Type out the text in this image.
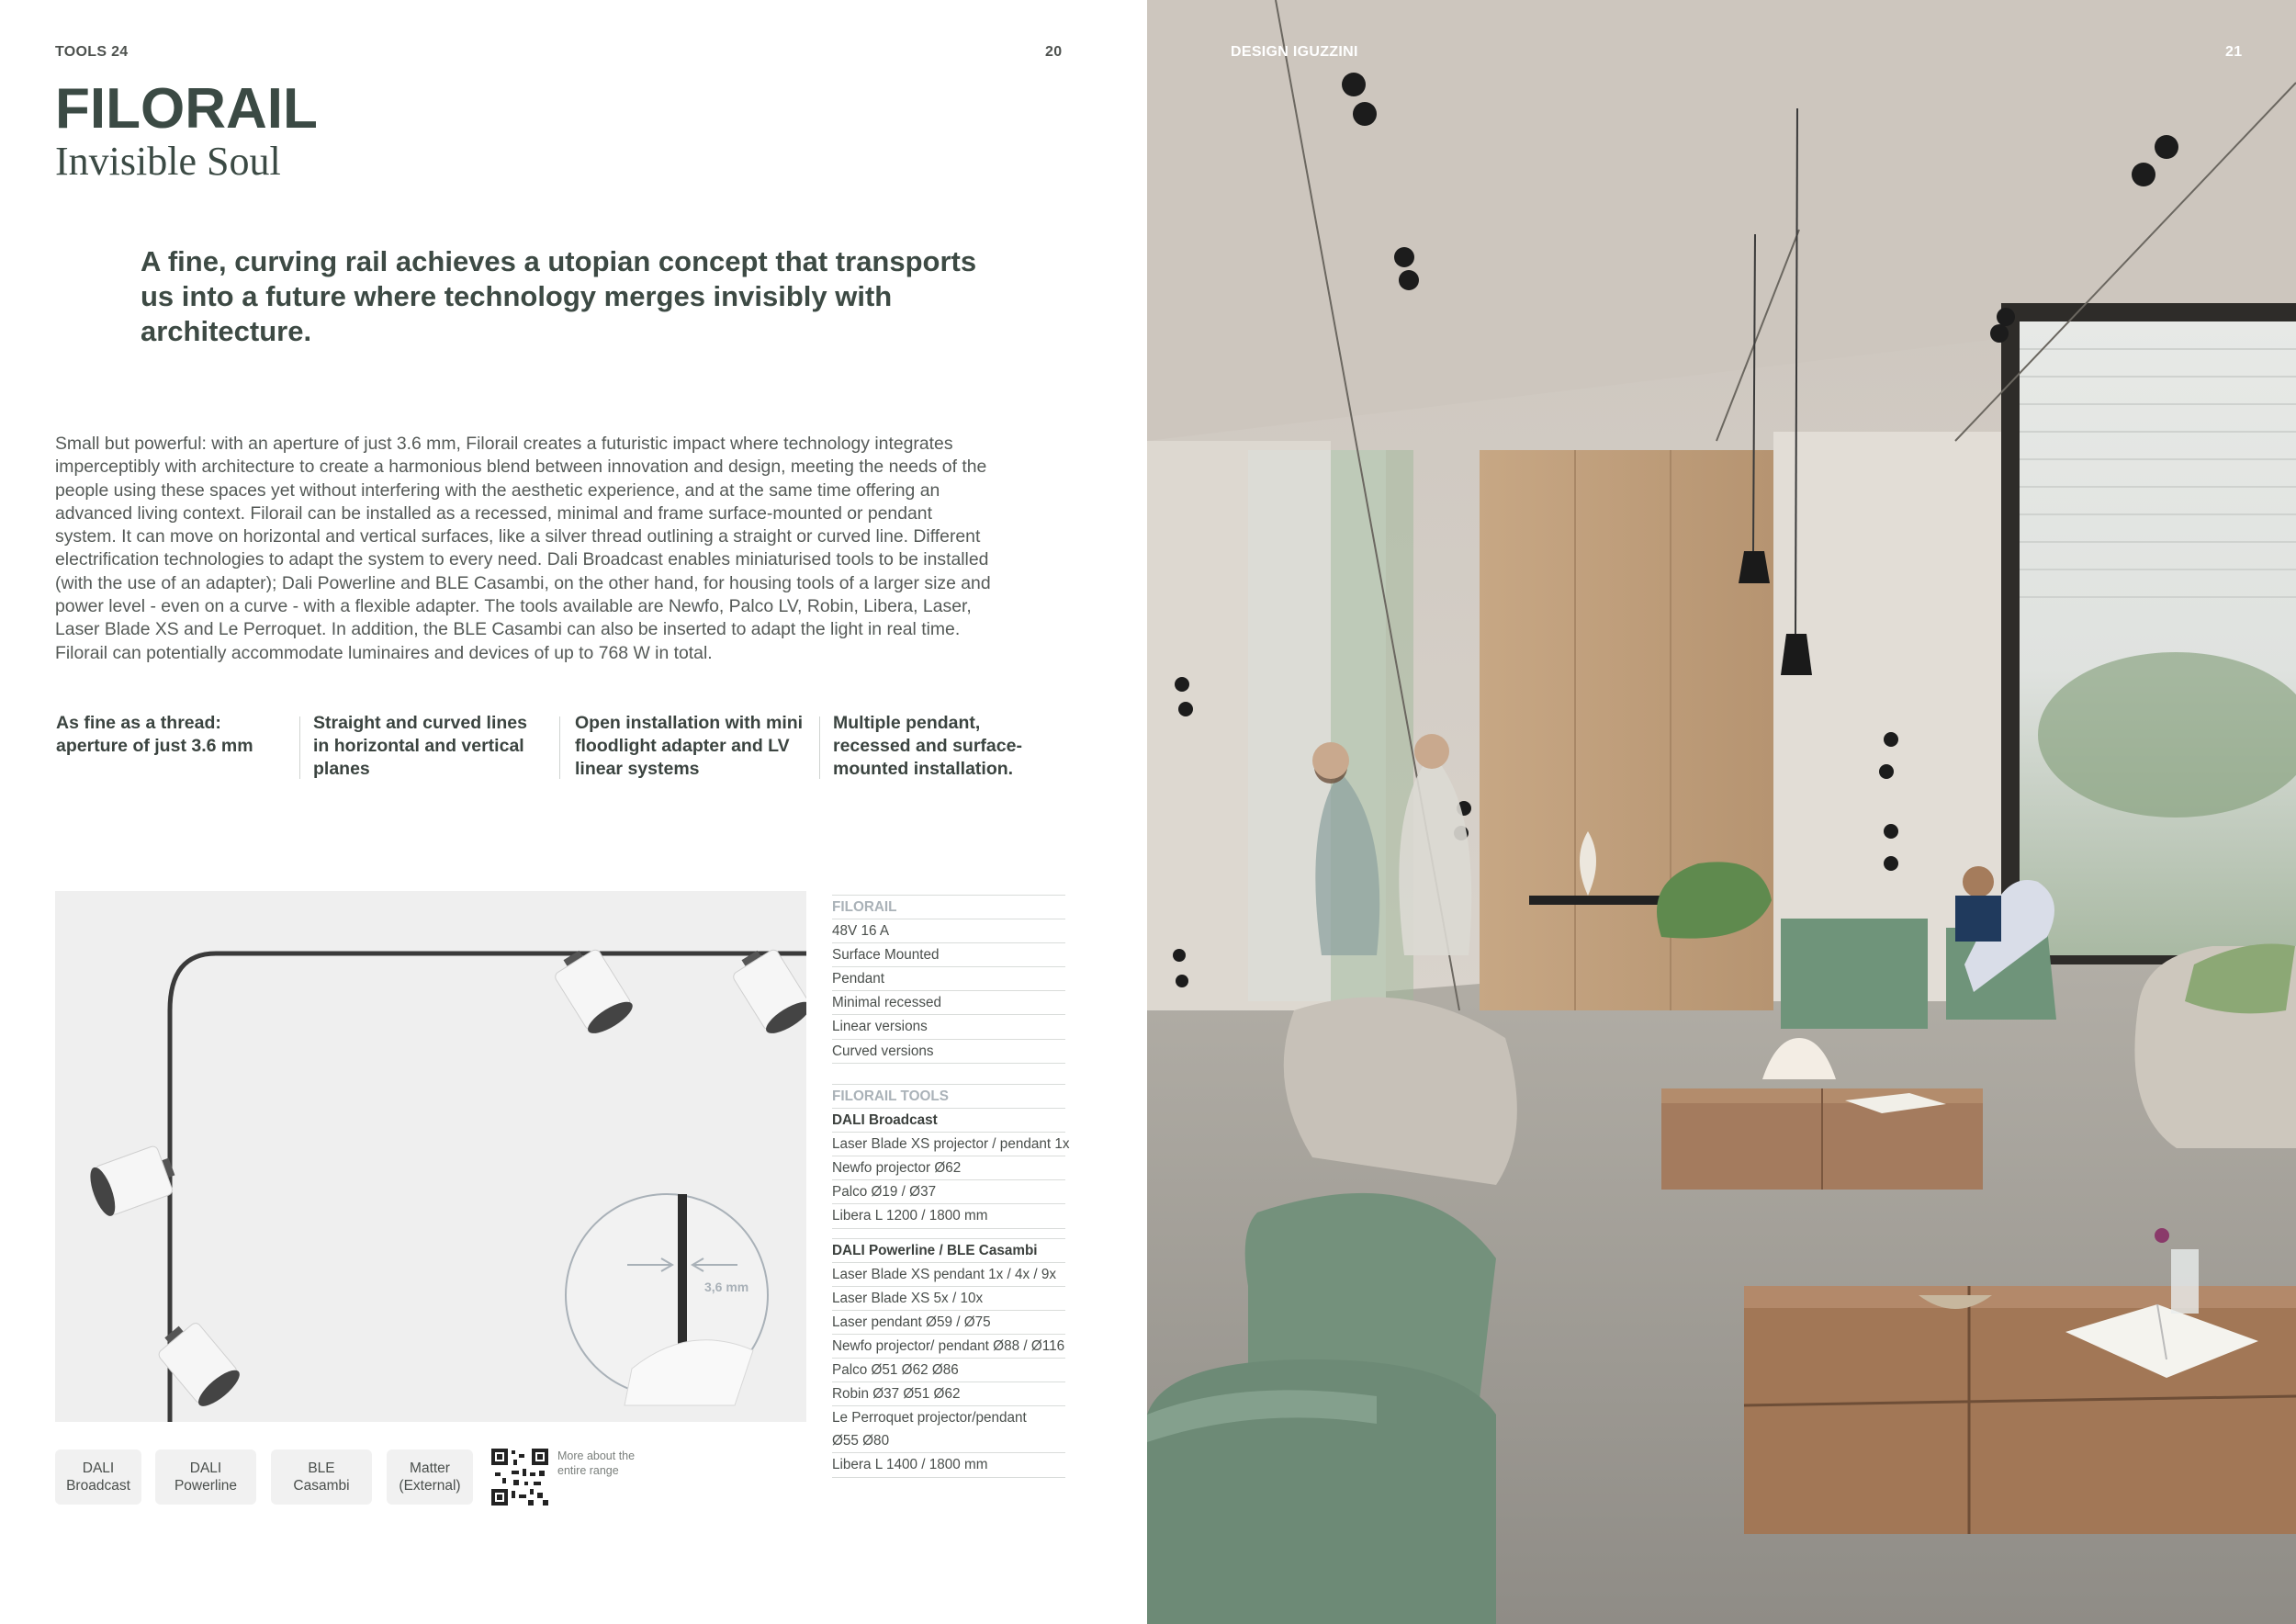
TOOLS 24	20
FILORAIL
Invisible Soul
A fine, curving rail achieves a utopian concept that transports us into a future where technology merges invisibly with architecture.
Small but powerful: with an aperture of just 3.6 mm, Filorail creates a futuristic impact where technology integrates imperceptibly with architecture to create a harmonious blend between innovation and design, meeting the needs of the people using these spaces yet without interfering with the aesthetic experience, and at the same time offering an advanced living context. Filorail can be installed as a recessed, minimal and frame surface-mounted or pendant system. It can move on horizontal and vertical surfaces, like a silver thread outlining a straight or curved line. Different electrification technologies to adapt the system to every need. Dali Broadcast enables miniaturised tools to be installed (with the use of an adapter); Dali Powerline and BLE Casambi, on the other hand, for housing tools of a larger size and power level - even on a curve - with a flexible adapter. The tools available are Newfo, Palco LV, Robin, Libera, Laser, Laser Blade XS and Le Perroquet. In addition, the BLE Casambi can also be inserted to adapt the light in real time. Filorail can potentially accommodate luminaires and devices of up to 768 W in total.
As fine as a thread: aperture of just 3.6 mm
Straight and curved lines in horizontal and vertical planes
Open installation with mini floodlight adapter and LV linear systems
Multiple pendant, recessed and surface-mounted installation.
3,6 mm
FILORAIL
48V 16 A
Surface Mounted
Pendant
Minimal recessed
Linear versions
Curved versions
FILORAIL TOOLS
DALI Broadcast
Laser Blade XS projector / pendant 1x
Newfo projector Ø62
Palco Ø19 / Ø37
Libera L 1200 / 1800 mm
DALI Powerline / BLE Casambi
Laser Blade XS pendant 1x / 4x / 9x
Laser Blade XS 5x / 10x
Laser pendant Ø59 / Ø75
Newfo projector/ pendant Ø88 / Ø116
Palco Ø51 Ø62 Ø86
Robin Ø37 Ø51 Ø62
Le Perroquet projector/pendant
Ø55 Ø80
Libera L 1400 / 1800 mm
DALI
Broadcast
DALI
Powerline
BLE
Casambi
Matter
(External)
More about the entire range
DESIGN IGUZZINI	21
